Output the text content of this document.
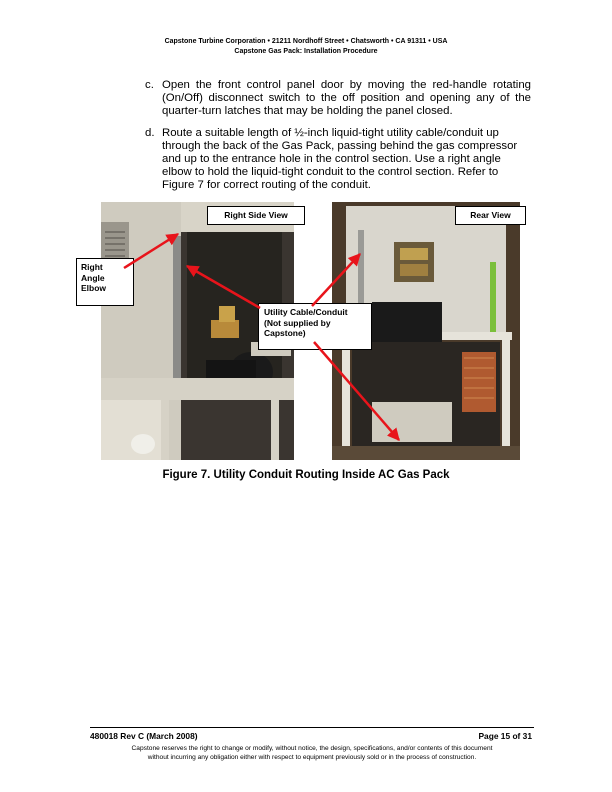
Capstone Turbine Corporation • 21211 Nordhoff Street • Chatsworth • CA 91311 • USA
Capstone Gas Pack: Installation Procedure
c. Open the front control panel door by moving the red-handle rotating (On/Off) disconnect switch to the off position and opening any of the quarter-turn latches that may be holding the panel closed.
d. Route a suitable length of ½-inch liquid-tight utility cable/conduit up through the back of the Gas Pack, passing behind the gas compressor and up to the entrance hole in the control section. Use a right angle elbow to hold the liquid-tight conduit to the control section. Refer to Figure 7 for correct routing of the conduit.
Right Side View	Rear View
Right
Angle
Elbow
Utility Cable/Conduit
(Not supplied by
Capstone)
Figure 7. Utility Conduit Routing Inside AC Gas Pack
480018 Rev C (March 2008)	Page 15 of 31
Capstone reserves the right to change or modify, without notice, the design, specifications, and/or contents of this document
without incurring any obligation either with respect to equipment previously sold or in the process of construction.
